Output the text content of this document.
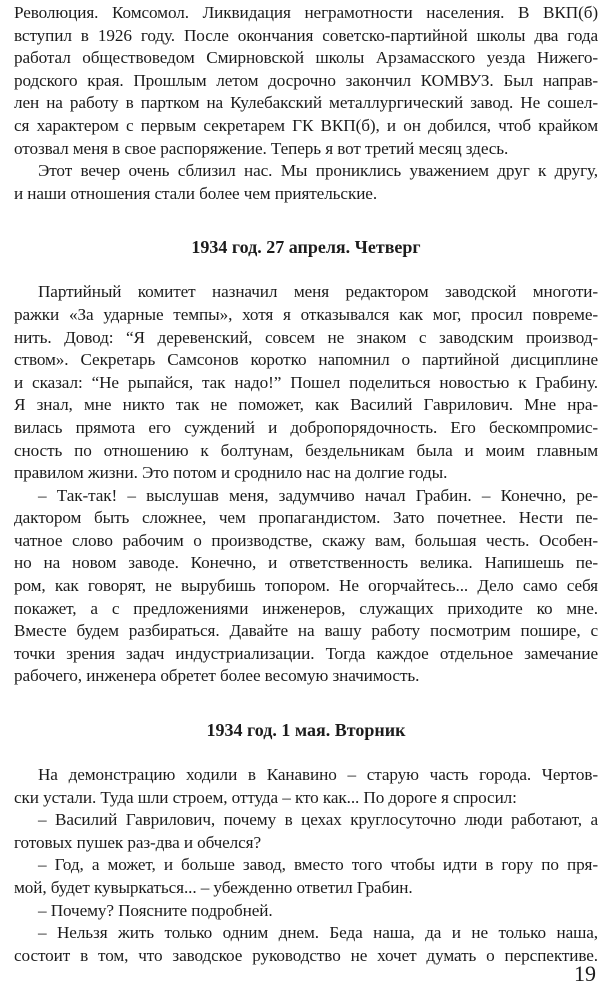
Революция. Комсомол. Ликвидация неграмотности населения. В ВКП(б)
вступил в 1926 году. После окончания советско-партийной школы два года
работал обществоведом Смирновской школы Арзамасского уезда Нижего-
родского края. Прошлым летом досрочно закончил КОМВУЗ. Был направ-
лен на работу в партком на Кулебакский металлургический завод. Не сошел-
ся характером с первым секретарем ГК ВКП(б), и он добился, чтоб крайком
отозвал меня в свое распоряжение. Теперь я вот третий месяц здесь.
Этот вечер очень сблизил нас. Мы прониклись уважением друг к другу,
и наши отношения стали более чем приятельские.
1934 год. 27 апреля. Четверг
Партийный комитет назначил меня редактором заводской многоти-
ражки «За ударные темпы», хотя я отказывался как мог, просил повреме-
нить. Довод: “Я деревенский, совсем не знаком с заводским производ-
ством». Секретарь Самсонов коротко напомнил о партийной дисциплине
и сказал: “Не рыпайся, так надо!” Пошел поделиться новостью к Грабину.
Я знал, мне никто так не поможет, как Василий Гаврилович. Мне нра-
вилась прямота его суждений и добропорядочность. Его бескомпромис-
сность по отношению к болтунам, бездельникам была и моим главным
правилом жизни. Это потом и сроднило нас на долгие годы.
– Так-так! – выслушав меня, задумчиво начал Грабин. – Конечно, ре-
дактором быть сложнее, чем пропагандистом. Зато почетнее. Нести пе-
чатное слово рабочим о производстве, скажу вам, большая честь. Особен-
но на новом заводе. Конечно, и ответственность велика. Напишешь пе-
ром, как говорят, не вырубишь топором. Не огорчайтесь... Дело само себя
покажет, а с предложениями инженеров, служащих приходите ко мне.
Вместе будем разбираться. Давайте на вашу работу посмотрим пошире, с
точки зрения задач индустриализации. Тогда каждое отдельное замечание
рабочего, инженера обретет более весомую значимость.
1934 год. 1 мая. Вторник
На демонстрацию ходили в Канавино – старую часть города. Чертов-
ски устали. Туда шли строем, оттуда – кто как... По дороге я спросил:
– Василий Гаврилович, почему в цехах круглосуточно люди работают, а
готовых пушек раз-два и обчелся?
– Год, а может, и больше завод, вместо того чтобы идти в гору по пря-
мой, будет кувыркаться... – убежденно ответил Грабин.
– Почему? Поясните подробней.
– Нельзя жить только одним днем. Беда наша, да и не только наша,
состоит в том, что заводское руководство не хочет думать о перспективе.
19
